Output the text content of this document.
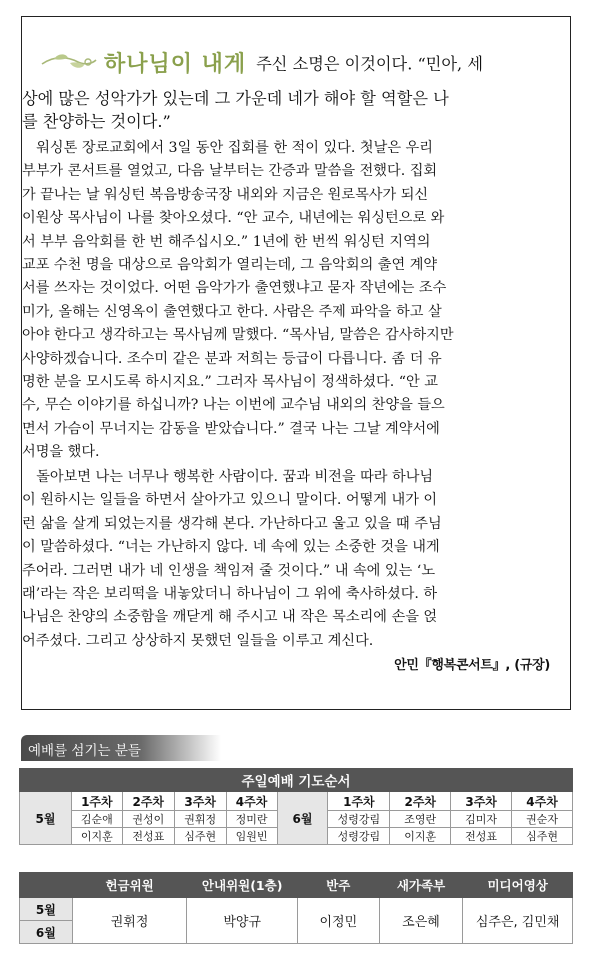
하나님이 내게 주신 소명은 이것이다. “민아, 세
상에 많은 성악가가 있는데 그 가운데 네가 해야 할 역할은 나
를 찬양하는 것이다.”
　워싱톤 장로교회에서 3일 동안 집회를 한 적이 있다. 첫날은 우리
부부가 콘서트를 열었고, 다음 날부터는 간증과 말씀을 전했다. 집회
가 끝나는 날 워싱턴 복음방송국장 내외와 지금은 원로목사가 되신
이원상 목사님이 나를 찾아오셨다. “안 교수, 내년에는 워싱턴으로 와
서 부부 음악회를 한 번 해주십시오.” 1년에 한 번씩 워싱턴 지역의
교포 수천 명을 대상으로 음악회가 열리는데, 그 음악회의 출연 계약
서를 쓰자는 것이었다. 어떤 음악가가 출연했냐고 묻자 작년에는 조수
미가, 올해는 신영옥이 출연했다고 한다. 사람은 주제 파악을 하고 살
아야 한다고 생각하고는 목사님께 말했다. “목사님, 말씀은 감사하지만
사양하겠습니다. 조수미 같은 분과 저희는 등급이 다릅니다. 좀 더 유
명한 분을 모시도록 하시지요.” 그러자 목사님이 정색하셨다. “안 교
수, 무슨 이야기를 하십니까? 나는 이번에 교수님 내외의 찬양을 들으
면서 가슴이 무너지는 감동을 받았습니다.” 결국 나는 그날 계약서에
서명을 했다.
　돌아보면 나는 너무나 행복한 사람이다. 꿈과 비전을 따라 하나님
이 원하시는 일들을 하면서 살아가고 있으니 말이다. 어떻게 내가 이
런 삶을 살게 되었는지를 생각해 본다. 가난하다고 울고 있을 때 주님
이 말씀하셨다. “너는 가난하지 않다. 네 속에 있는 소중한 것을 내게
주어라. 그러면 내가 네 인생을 책임져 줄 것이다.” 내 속에 있는 ‘노
래’라는 작은 보리떡을 내놓았더니 하나님이 그 위에 축사하셨다. 하
나님은 찬양의 소중함을 깨닫게 해 주시고 내 작은 목소리에 손을 얹
어주셨다. 그리고 상상하지 못했던 일들을 이루고 계신다.
안민『행복콘서트』, (규장)
예배를 섬기는 분들
주일예배 기도순서									
5월	1주차	2주차	3주차	4주차	6월	1주차	2주차	3주차	4주차
	김순애	권성이	권휘정	정미란		성령강림	조영란	김미자	권순자
	이지훈	전성표	심주현	임원빈		성령강림	이지훈	전성표	심주현
	헌금위원	안내위원(1층)	반주	새가족부	미디어영상
5월	권휘정	박양규	이정민	조은혜	심주은, 김민채
6월					
